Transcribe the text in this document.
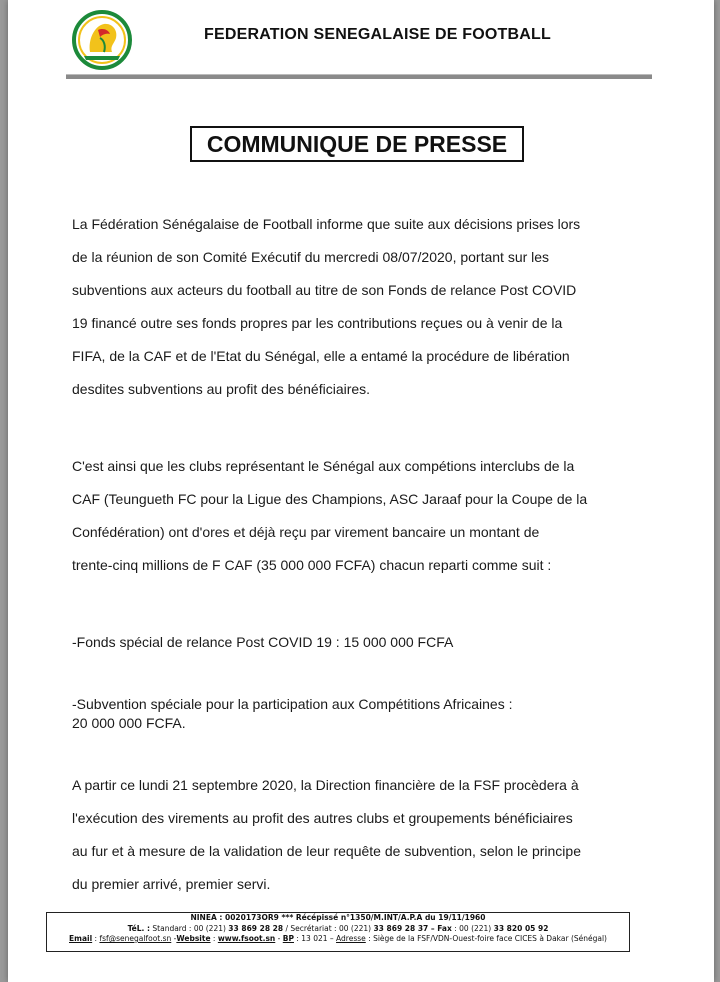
FEDERATION SENEGALAISE DE FOOTBALL
COMMUNIQUE DE PRESSE
La Fédération Sénégalaise de Football informe que suite aux décisions prises lors
de la réunion de son Comité Exécutif du mercredi 08/07/2020, portant sur les
subventions aux acteurs du football au titre de son Fonds de relance Post COVID
19 financé outre ses fonds propres par les contributions reçues ou à venir de la
FIFA, de la CAF et de l'Etat du Sénégal, elle a entamé la procédure de libération
desdites subventions au profit des bénéficiaires.
C'est ainsi que les clubs représentant le Sénégal aux compétions interclubs de la
CAF (Teungueth FC pour la Ligue des Champions, ASC Jaraaf pour la Coupe de la
Confédération) ont d'ores et déjà reçu par virement bancaire un montant de
trente-cinq millions de F CAF (35 000 000 FCFA) chacun reparti comme suit :
-Fonds spécial de relance Post COVID 19 : 15 000 000 FCFA
-Subvention spéciale pour la participation aux Compétitions Africaines :
20 000 000 FCFA.
A partir ce lundi 21 septembre 2020, la Direction financière de la FSF procèdera à
l'exécution des virements au profit des autres clubs et groupements bénéficiaires
au fur et à mesure de la validation de leur requête de subvention, selon le principe
du premier arrivé, premier servi.
NINEA : 0020173OR9 *** Récépissé n°1350/M.INT/A.P.A du 19/11/1960
TéL. : Standard : 00 (221) 33 869 28 28 / Secrétariat : 00 (221) 33 869 28 37 – Fax : 00 (221) 33 820 05 92
Email : fsf@senegalfoot.sn -Website : www.fsoot.sn - BP : 13 021 – Adresse : Siège de la FSF/VDN-Ouest-foire face CICES à Dakar (Sénégal)
